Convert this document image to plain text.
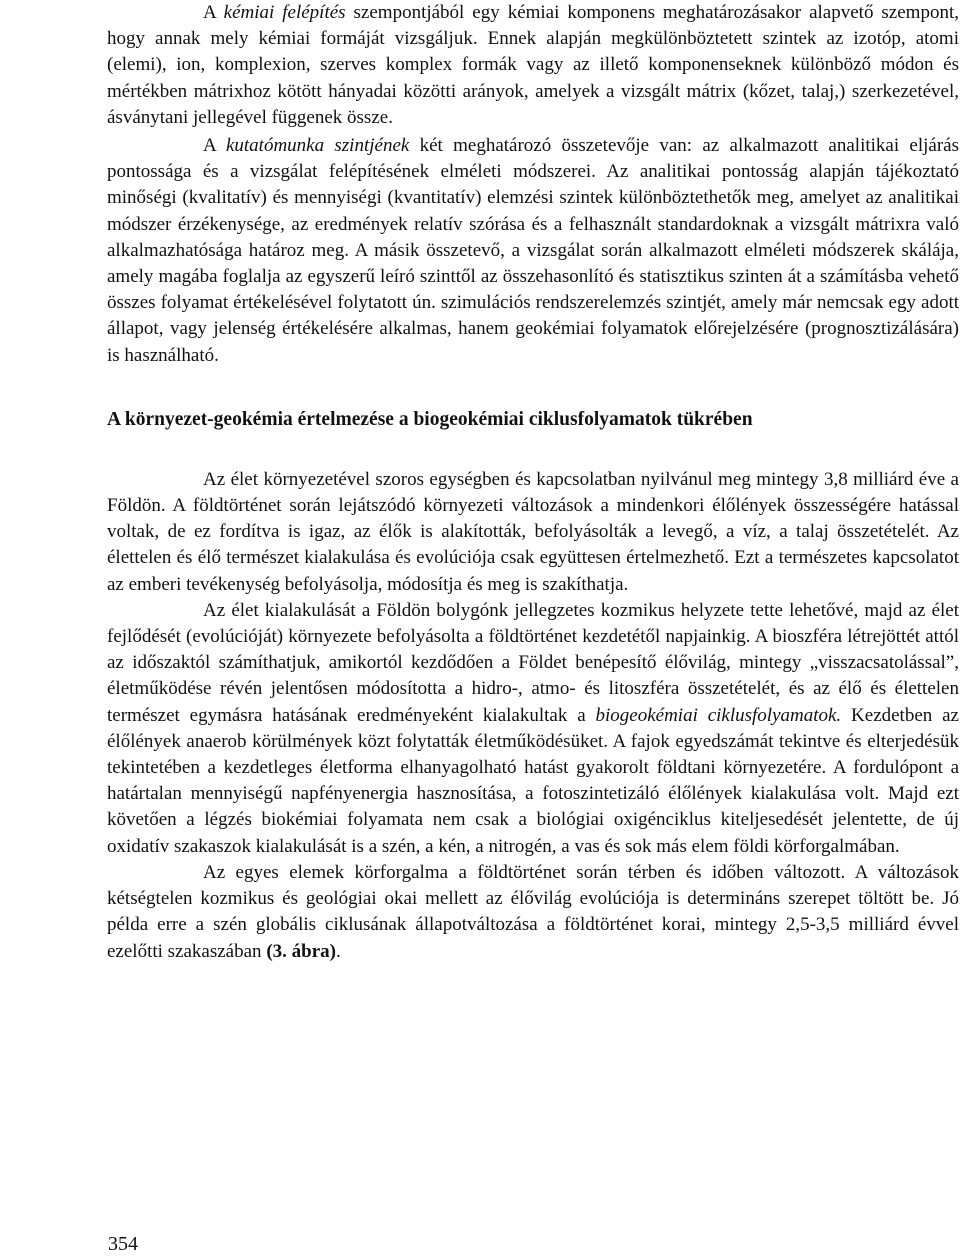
A kémiai felépítés szempontjából egy kémiai komponens meghatározásakor alapvető szempont, hogy annak mely kémiai formáját vizsgáljuk. Ennek alapján megkülönböztetett szintek az izotóp, atomi (elemi), ion, komplexion, szerves komplex formák vagy az illető komponenseknek különböző módon és mértékben mátrixhoz kötött hányadai közötti arányok, amelyek a vizsgált mátrix (kőzet, talaj,) szerkezetével, ásványtani jellegével függenek össze.

A kutatómunka szintjének két meghatározó összetevője van: az alkalmazott analitikai eljárás pontossága és a vizsgálat felépítésének elméleti módszerei. Az analitikai pontosság alapján tájékoztató minőségi (kvalitatív) és mennyiségi (kvantitatív) elemzési szintek különböztethetők meg, amelyet az analitikai módszer érzékenysége, az eredmények relatív szórása és a felhasznált standardoknak a vizsgált mátrixra való alkalmazhatósága határoz meg. A másik összetevő, a vizsgálat során alkalmazott elméleti módszerek skálája, amely magába foglalja az egyszerű leíró szinttől az összehasonlító és statisztikus szinten át a számításba vehető összes folyamat értékelésével folytatott ún. szimulációs rendszerelemzés szintjét, amely már nemcsak egy adott állapot, vagy jelenség értékelésére alkalmas, hanem geokémiai folyamatok előrejelzésére (prognosztizálására) is használható.

A környezet-geokémia értelmezése a biogeokémiai ciklusfolyamatok tükrében

Az élet környezetével szoros egységben és kapcsolatban nyilvánul meg mintegy 3,8 milliárd éve a Földön. A földtörténet során lejátszódó környezeti változások a mindenkori élőlények összességére hatással voltak, de ez fordítva is igaz, az élők is alakították, befolyásolták a levegő, a víz, a talaj összetételét. Az élettelen és élő természet kialakulása és evolúciója csak együttesen értelmezhető. Ezt a természetes kapcsolatot az emberi tevékenység befolyásolja, módosítja és meg is szakíthatja.

Az élet kialakulását a Földön bolygónk jellegzetes kozmikus helyzete tette lehetővé, majd az élet fejlődését (evolúcióját) környezete befolyásolta a földtörténet kezdetétől napjainkig. A bioszféra létrejöttét attól az időszaktól számíthatjuk, amikortól kezdődően a Földet benépesítő élővilág, mintegy „visszacsatolással”, életműködése révén jelentősen módosította a hidro-, atmo- és litoszféra összetételét, és az élő és élettelen természet egymásra hatásának eredményeként kialakultak a biogeokémiai ciklusfolyamatok. Kezdetben az élőlények anaerob körülmények közt folytatták életműködésüket. A fajok egyedszámát tekintve és elterjedésük tekintetében a kezdetleges életforma elhanyagolható hatást gyakorolt földtani környezetére. A fordulópont a határtalan mennyiségű napfényenergia hasznosítása, a fotoszintetizáló élőlények kialakulása volt. Majd ezt követően a légzés biokémiai folyamata nem csak a biológiai oxigénciklus kiteljesedését jelentette, de új oxidatív szakaszok kialakulását is a szén, a kén, a nitrogén, a vas és sok más elem földi körforgalmában.

Az egyes elemek körforgalma a földtörténet során térben és időben változott. A változások kétségtelen kozmikus és geológiai okai mellett az élővilág evolúciója is determináns szerepet töltött be. Jó példa erre a szén globális ciklusának állapotváltozása a földtörténet korai, mintegy 2,5-3,5 milliárd évvel ezelőtti szakaszában (3. ábra).

354
